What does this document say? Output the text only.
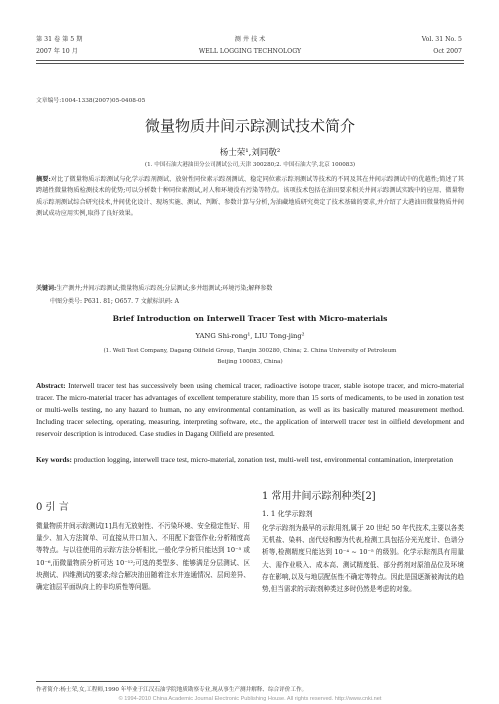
第 31 卷 第 5 期
2007 年 10 月
测 井 技 术
WELL LOGGING TECHNOLOGY
Vol. 31 No. 5
Oct 2007
文章编号:1004-1338(2007)05-0408-05
微量物质井间示踪测试技术简介
杨士荣¹,刘同敬²
(1. 中国石油大港油田分公司测试公司,天津 300280;2. 中国石油大学,北京 100083)
摘要:对比了微量物质示踪测试与化学示踪剂测试、放射性同位素示踪剂测试、稳定同位素示踪剂测试等技术的不同及其在井间示踪测试中的优越性;简述了其跨越性微量物质检测技术的优势;可以分析数十种同位素测试,对人和环境没有污染等特点。该项技术包括在油田要求相关井间示踪测试实践中的应用、微量物质示踪剂测试综合研究技术,井间优化设计、现场实施、测试、判断、参数计算与分析,为油藏地质研究奠定了技术基础的要求,并介绍了大港油田微量物质井间测试成功应用实例,取得了良好效果。
关键词:生产测井;井间示踪测试;微量物质示踪剂;分层测试;多井组测试;环境污染;解释参数
中图分类号: P631. 81; O657. 7 文献标识码: A
Brief Introduction on Interwell Tracer Test with Micro-materials
YANG Shi-rong¹, LIU Tong-jing²
(1. Well Test Company, Dagang Oilfield Group, Tianjin 300280, China; 2. China University of Petroleum
Beijing 100083, China)
Abstract: Interwell tracer test has successively been using chemical tracer, radioactive isotope tracer, stable isotope tracer, and micro-material tracer. The micro-material tracer has advantages of excellent temperature stability, more than 15 sorts of medicaments, to be used in zonation test or multi-wells testing, no any hazard to human, no any environmental contamination, as well as its basically matured measurement method. Including tracer selecting, operating, measuring, interpreting software, etc., the application of interwell tracer test in oilfield development and reservoir description is introduced. Case studies in Dagang Oilfield are presented.
Key words: production logging, interwell trace test, micro-material, zonation test, multi-well test, environmental contamination, interpretation
0 引 言
微量物质井间示踪测试[1]具有无放射性、不污染环境、安全稳定性好、用量少、加入方法简单、可直接从井口加入、不用配下套管作业;分析精度高等特点。与以往使用的示踪方法分析相比,一般化学分析只能达到 10⁻⁵ 或 10⁻⁶,而微量物质分析可达 10⁻¹²;可选的类型多、能够满足分层测试、区块测试、四维测试的要求;综合解决油田随着注水井连通情况、层间差异、确定油层平面纵向上的非均质性等问题。
1 常用井间示踪剂种类[2]
1. 1 化学示踪剂
化学示踪剂为最早的示踪用剂,属于 20 世纪 50 年代技术,主要以各类无机盐、染料、卤代烃和醇为代表,检测工具包括分光光度计、色谱分析等,检测精度只能达到 10⁻⁴ ~ 10⁻⁵ 的级别。化学示踪剂具有用量大、需作业吸入、成本高、测试精度低、部分药剂对原油品位及环境存在影响,以及与地层配伍性不确定等特点。因此是国逐渐被淘汰的趋势,但当需求的示踪剂种类过多时仍然是考虑的对象。
作者简介:杨士荣,女,工程师,1990 年毕业于江汉石油学院地质勘察专业,现从事生产测井解释、综合评价工作。
© 1994-2010 China Academic Journal Electronic Publishing House. All rights reserved. http://www.cnki.net
